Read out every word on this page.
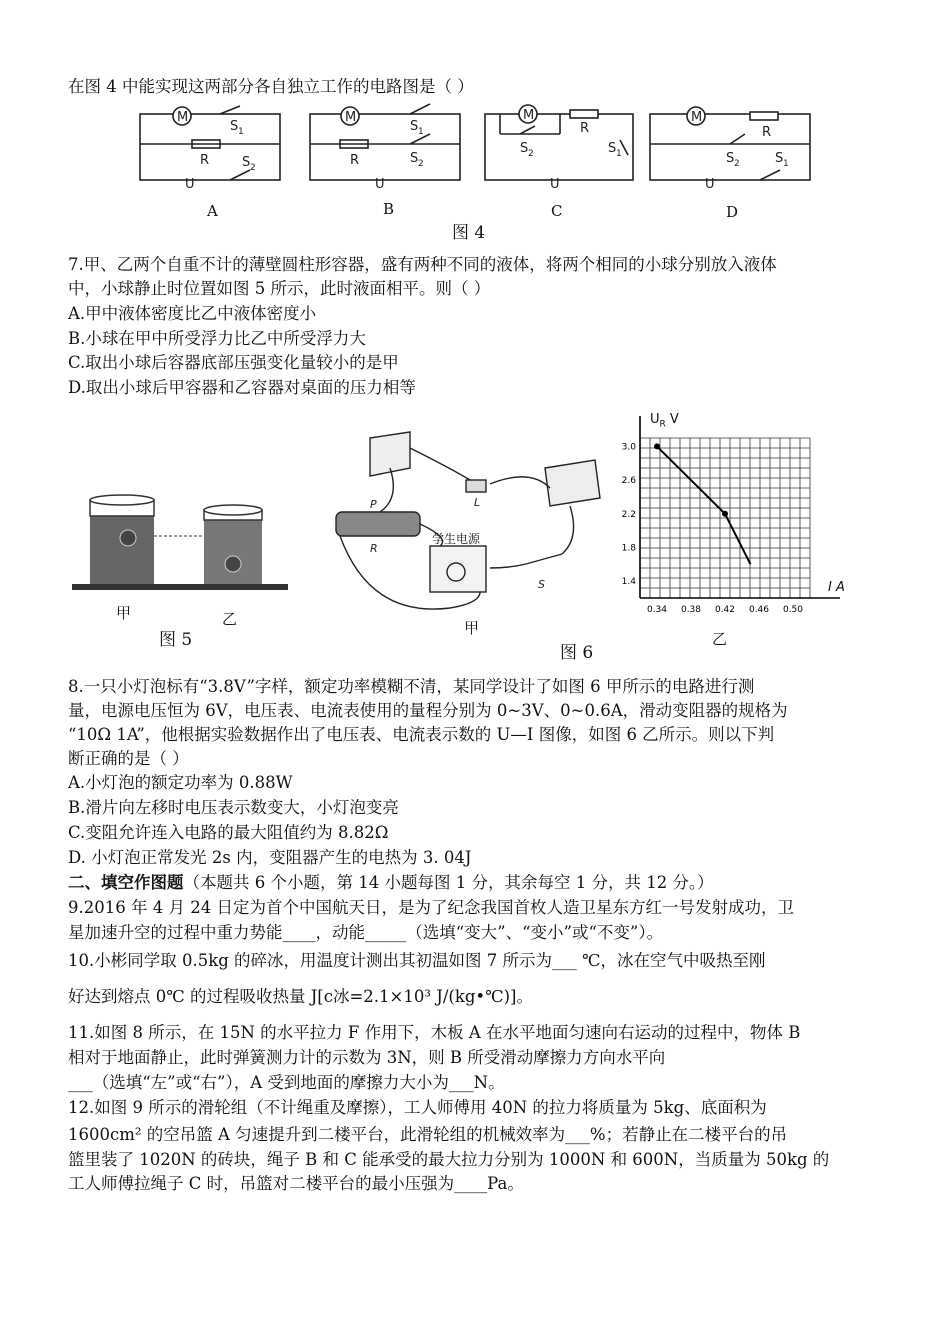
在图 4 中能实现这两部分各自独立工作的电路图是（ ）
M	M	M	M
R	R
R	R
S 1
S 2
S 1
S 2
S 2	S 1	S 2	S 1
U	U	U	U
A	B	C	D
图 4
7.甲、乙两个自重不计的薄壁圆柱形容器，盛有两种不同的液体，将两个相同的小球分别放入液体
中，小球静止时位置如图 5 所示，此时液面相平。则（ ）
A.甲中液体密度比乙中液体密度小
B.小球在甲中所受浮力比乙中所受浮力大
C.取出小球后容器底部压强变化量较小的是甲
D.取出小球后甲容器和乙容器对桌面的压力相等
甲	乙
图 5
L
S
R
P
学生电源
甲
图 6
0.34 0.38 0.42 0.46 0.50
3.0
2.6
2.2
1.8
1.4
$U_R$ V
I A
乙
8.一只小灯泡标有“3.8V”字样，额定功率模糊不清，某同学设计了如图 6 甲所示的电路进行测
量，电源电压恒为 6V，电压表、电流表使用的量程分别为 0~3V、0~0.6A，滑动变阻器的规格为
“10Ω 1A”，他根据实验数据作出了电压表、电流表示数的 U—I 图像，如图 6 乙所示。则以下判
断正确的是（ ）
A.小灯泡的额定功率为 0.88W
B.滑片向左移时电压表示数变大，小灯泡变亮
C.变阻允许连入电路的最大阻值约为 8.82Ω
D. 小灯泡正常发光 2s 内，变阻器产生的电热为 3. 04J
二、填空作图题（本题共 6 个小题，第 14 小题每图 1 分，其余每空 1 分，共 12 分。）
9.2016 年 4 月 24 日定为首个中国航天日，是为了纪念我国首枚人造卫星东方红一号发射成功，卫
星加速升空的过程中重力势能____，动能_____（选填“变大”、“变小”或“不变”）。
10.小彬同学取 0.5kg 的碎冰，用温度计测出其初温如图 7 所示为___ ℃，冰在空气中吸热至刚
好达到熔点 0℃ 的过程吸收热量 J[c冰=2.1×10³ J/(kg•℃)]。
11.如图 8 所示，在 15N 的水平拉力 F 作用下，木板 A 在水平地面匀速向右运动的过程中，物体 B
相对于地面静止，此时弹簧测力计的示数为 3N，则 B 所受滑动摩擦力方向水平向
___（选填“左”或“右”），A 受到地面的摩擦力大小为___N。
12.如图 9 所示的滑轮组（不计绳重及摩擦），工人师傅用 40N 的拉力将质量为 5kg、底面积为
1600cm² 的空吊篮 A 匀速提升到二楼平台，此滑轮组的机械效率为___%；若静止在二楼平台的吊
篮里装了 1020N 的砖块，绳子 B 和 C 能承受的最大拉力分别为 1000N 和 600N，当质量为 50kg 的
工人师傅拉绳子 C 时，吊篮对二楼平台的最小压强为____Pa。
